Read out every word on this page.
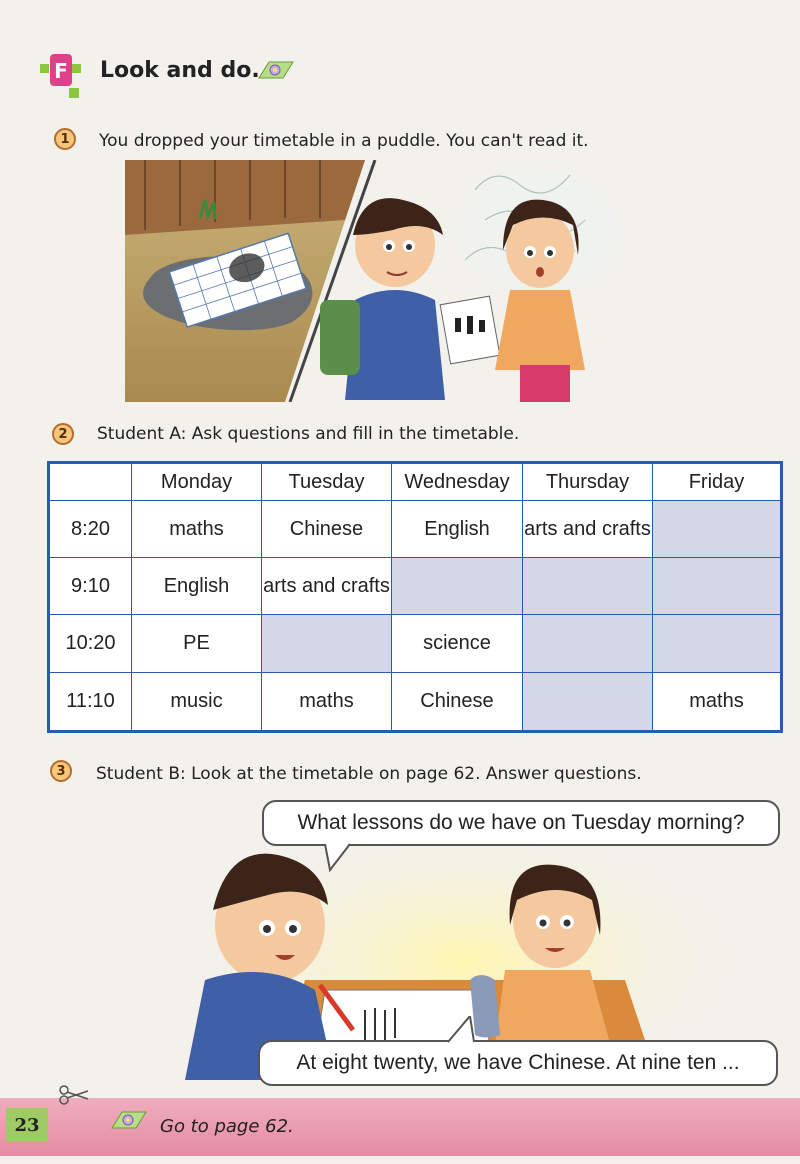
F Look and do.
1	You dropped your timetable in a puddle. You can't read it.
2	Student A: Ask questions and fill in the timetable.
	Monday	Tuesday	Wednesday	Thursday	Friday
8:20	maths	Chinese	English	arts and crafts	
9:10	English	arts and crafts			
10:20	PE		science		
11:10	music	maths	Chinese		maths
3	Student B: Look at the timetable on page 62. Answer questions.
What lessons do we have on Tuesday morning?
At eight twenty, we have Chinese. At nine ten ...
23	Go to page 62.
